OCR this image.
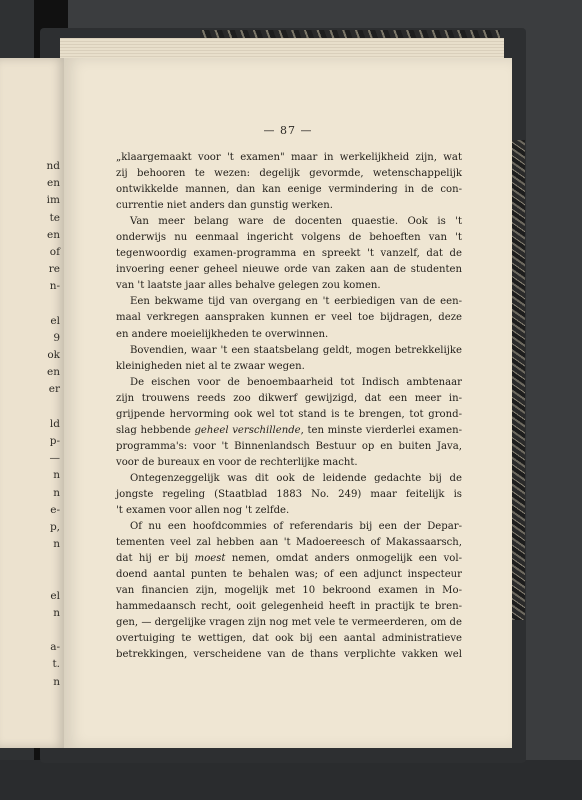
nd
en
im
te
en
of
re
n-
el
9
ok
en
er
ld
p-
—
n
n
e-
p,
n
el
n
a-
t.
n
— 87 —
„klaargemaakt voor 't examen" maar in werkelijkheid zijn, wat
zij behooren te wezen: degelijk gevormde, wetenschappelijk
ontwikkelde mannen, dan kan eenige vermindering in de con-
currentie niet anders dan gunstig werken.
Van meer belang ware de docenten quaestie. Ook is 't
onderwijs nu eenmaal ingericht volgens de behoeften van 't
tegenwoordig examen-programma en spreekt 't vanzelf, dat de
invoering eener geheel nieuwe orde van zaken aan de studenten
van 't laatste jaar alles behalve gelegen zou komen.
Een bekwame tijd van overgang en 't eerbiedigen van de een-
maal verkregen aanspraken kunnen er veel toe bijdragen, deze
en andere moeielijkheden te overwinnen.
Bovendien, waar 't een staatsbelang geldt, mogen betrekkelijke
kleinigheden niet al te zwaar wegen.
De eischen voor de benoembaarheid tot Indisch ambtenaar
zijn trouwens reeds zoo dikwerf gewijzigd, dat een meer in-
grijpende hervorming ook wel tot stand is te brengen, tot grond-
slag hebbende geheel verschillende, ten minste vierderlei examen-
programma's: voor 't Binnenlandsch Bestuur op en buiten Java,
voor de bureaux en voor de rechterlijke macht.
Ontegenzeggelijk was dit ook de leidende gedachte bij de
jongste regeling (Staatblad 1883 No. 249) maar feitelijk is
't examen voor allen nog 't zelfde.
Of nu een hoofdcommies of referendaris bij een der Depar-
tementen veel zal hebben aan 't Madoereesch of Makassaarsch,
dat hij er bij moest nemen, omdat anders onmogelijk een vol-
doend aantal punten te behalen was; of een adjunct inspecteur
van financien zijn, mogelijk met 10 bekroond examen in Mo-
hammedaansch recht, ooit gelegenheid heeft in practijk te bren-
gen, — dergelijke vragen zijn nog met vele te vermeerderen, om de
overtuiging te wettigen, dat ook bij een aantal administratieve
betrekkingen, verscheidene van de thans verplichte vakken wel
